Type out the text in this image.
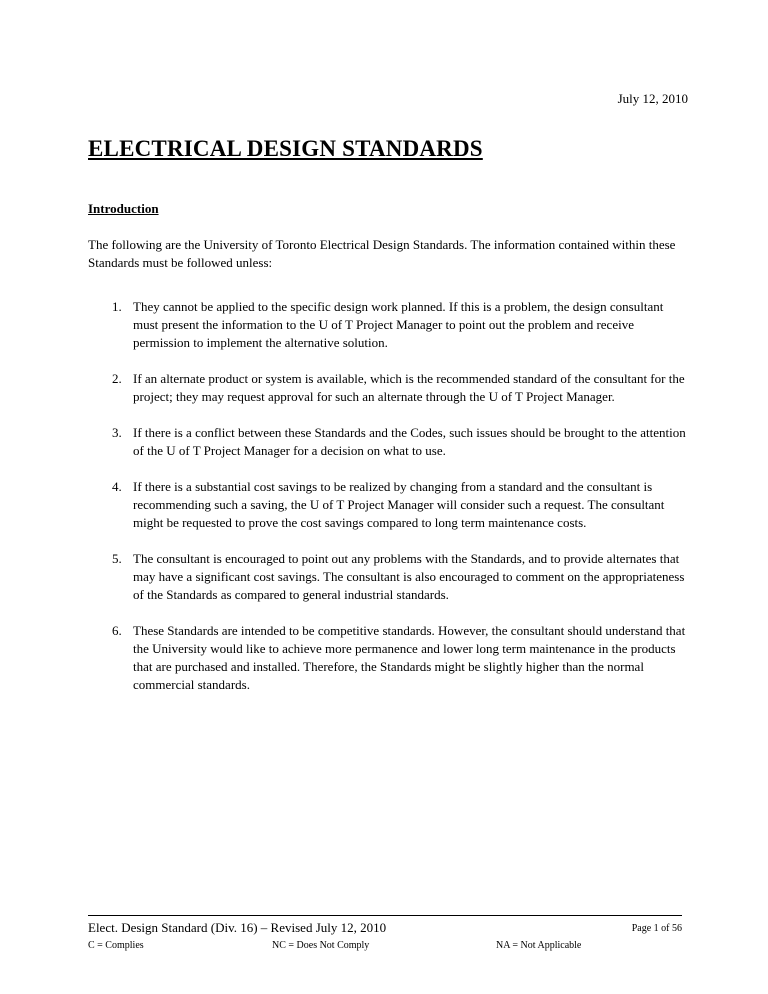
July 12, 2010
ELECTRICAL DESIGN STANDARDS
Introduction

The following are the University of Toronto Electrical Design Standards. The information contained within these Standards must be followed unless:

1. They cannot be applied to the specific design work planned. If this is a problem, the design consultant must present the information to the U of T Project Manager to point out the problem and receive permission to implement the alternative solution.
2. If an alternate product or system is available, which is the recommended standard of the consultant for the project; they may request approval for such an alternate through the U of T Project Manager.
3. If there is a conflict between these Standards and the Codes, such issues should be brought to the attention of the U of T Project Manager for a decision on what to use.
4. If there is a substantial cost savings to be realized by changing from a standard and the consultant is recommending such a saving, the U of T Project Manager will consider such a request. The consultant might be requested to prove the cost savings compared to long term maintenance costs.
5. The consultant is encouraged to point out any problems with the Standards, and to provide alternates that may have a significant cost savings. The consultant is also encouraged to comment on the appropriateness of the Standards as compared to general industrial standards.
6. These Standards are intended to be competitive standards. However, the consultant should understand that the University would like to achieve more permanence and lower long term maintenance in the products that are purchased and installed. Therefore, the Standards might be slightly higher than the normal commercial standards.
Elect. Design Standard (Div. 16) – Revised July 12, 2010	Page 1 of 56
C = Complies	NC = Does Not Comply	NA = Not Applicable
